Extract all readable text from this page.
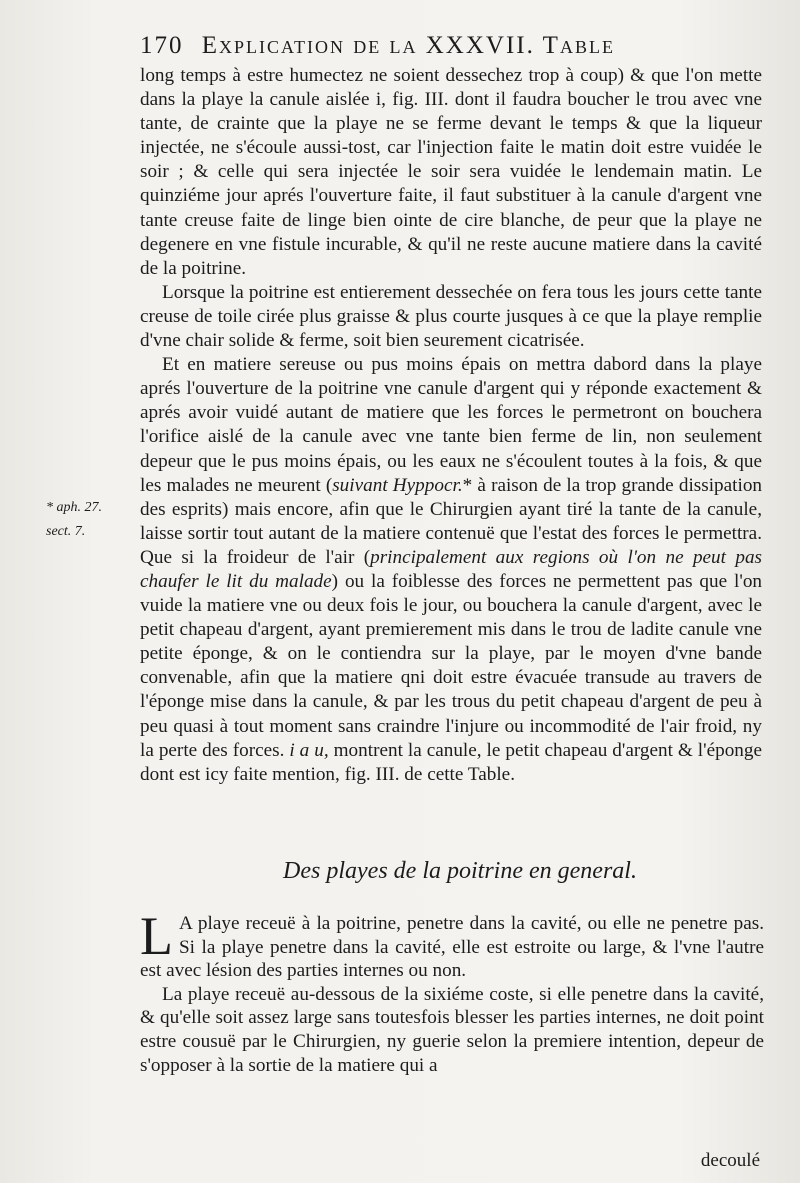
170 Explication de la XXXVII. Table

long temps à estre humectez ne soient dessechez trop à coup) & que l'on mette dans la playe la canule aislée i, fig. III. dont il faudra boucher le trou avec vne tante, de crainte que la playe ne se ferme devant le temps & que la liqueur injectée, ne s'écoule aussi-tost, car l'injection faite le matin doit estre vuidée le soir ; & celle qui sera injectée le soir sera vuidée le lendemain matin. Le quinziéme jour aprés l'ouverture faite, il faut substituer à la canule d'argent vne tante creuse faite de linge bien ointe de cire blanche, de peur que la playe ne degenere en vne fistule incurable, & qu'il ne reste aucune matiere dans la cavité de la poitrine.

Lorsque la poitrine est entierement dessechée on fera tous les jours cette tante creuse de toile cirée plus graisse & plus courte jusques à ce que la playe remplie d'vne chair solide & ferme, soit bien seurement cicatrisée.

Et en matiere sereuse ou pus moins épais on mettra dabord dans la playe aprés l'ouverture de la poitrine vne canule d'argent qui y réponde exactement & aprés avoir vuidé autant de matiere que les forces le permetront on bouchera l'orifice aislé de la canule avec vne tante bien ferme de lin, non seulement depeur que le pus moins épais, ou les eaux ne s'écoulent toutes à la fois, & que les malades ne meurent (suivant Hyppocr.* à raison de la trop grande dissipation des esprits) mais encore, afin que le Chirurgien ayant tiré la tante de la canule, laisse sortir tout autant de la matiere contenuë que l'estat des forces le permettra. Que si la froideur de l'air (principalement aux regions où l'on ne peut pas chaufer le lit du malade) ou la foiblesse des forces ne permettent pas que l'on vuide la matiere vne ou deux fois le jour, ou bouchera la canule d'argent, avec le petit chapeau d'argent, ayant premierement mis dans le trou de ladite canule vne petite éponge, & on le contiendra sur la playe, par le moyen d'vne bande convenable, afin que la matiere qni doit estre évacuée transude au travers de l'éponge mise dans la canule, & par les trous du petit chapeau d'argent de peu à peu quasi à tout moment sans craindre l'injure ou incommodité de l'air froid, ny la perte des forces. i a u, montrent la canule, le petit chapeau d'argent & l'éponge dont est icy faite mention, fig. III. de cette Table.

* aph. 27.
sect. 7.
Des playes de la poitrine en general.

L A playe receuë à la poitrine, penetre dans la cavité, ou elle ne penetre pas. Si la playe penetre dans la cavité, elle est estroite ou large, & l'vne l'autre est avec lésion des parties internes ou non.

La playe receuë au-dessous de la sixiéme coste, si elle penetre dans la cavité, & qu'elle soit assez large sans toutesfois blesser les parties internes, ne doit point estre cousuë par le Chirurgien, ny guerie selon la premiere intention, depeur de s'opposer à la sortie de la matiere qui a

decoulé
